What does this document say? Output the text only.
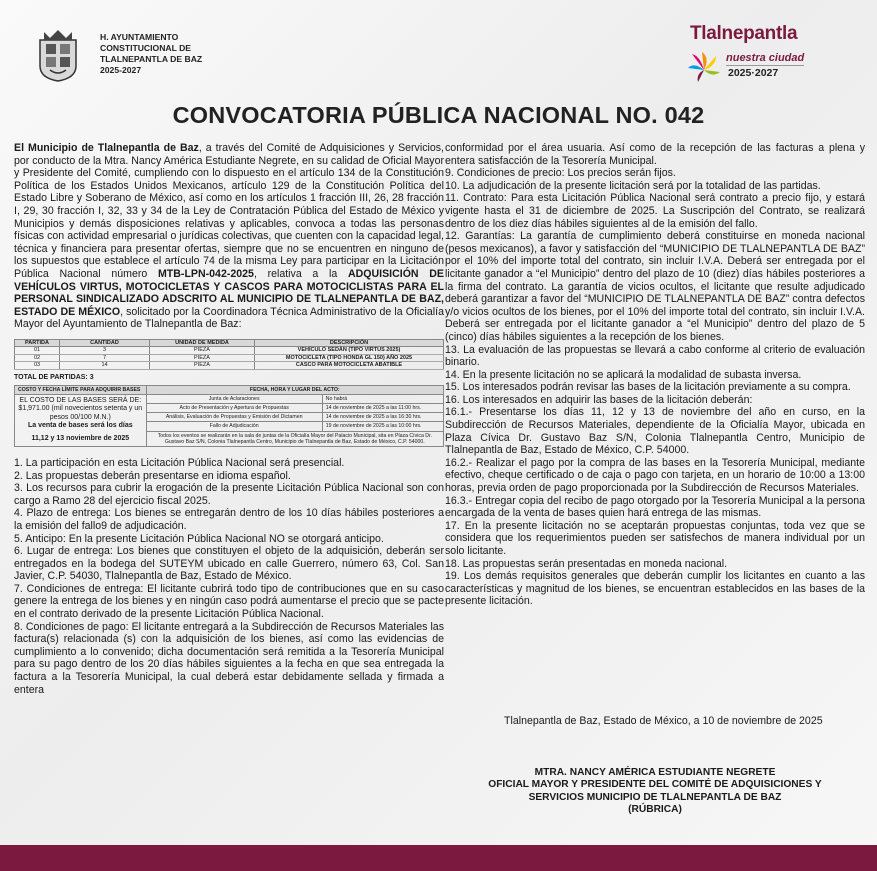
H. AYUNTAMIENTO
CONSTITUCIONAL DE
TLALNEPANTLA DE BAZ
2025-2027
Tlalnepantla
nuestra ciudad
2025·2027
CONVOCATORIA PÚBLICA NACIONAL NO. 042

El Municipio de Tlalnepantla de Baz, a través del Comité de Adquisiciones y Servicios, por conducto de la Mtra. Nancy América Estudiante Negrete, en su calidad de Oficial Mayor y Presidente del Comité, cumpliendo con lo dispuesto en el artículo 134 de la Constitución Política de los Estados Unidos Mexicanos, artículo 129 de la Constitución Política del Estado Libre y Soberano de México, así como en los artículos 1 fracción III, 26, 28 fracción I, 29, 30 fracción I, 32, 33 y 34 de la Ley de Contratación Pública del Estado de México y Municipios y demás disposiciones relativas y aplicables, convoca a todas las personas físicas con actividad empresarial o jurídicas colectivas, que cuenten con la capacidad legal, técnica y financiera para presentar ofertas, siempre que no se encuentren en ninguno de los supuestos que establece el artículo 74 de la misma Ley para participar en la Licitación Pública Nacional número MTB-LPN-042-2025, relativa a la ADQUISICIÓN DE VEHÍCULOS VIRTUS, MOTOCICLETAS Y CASCOS PARA MOTOCICLISTAS PARA EL PERSONAL SINDICALIZADO ADSCRITO AL MUNICIPIO DE TLALNEPANTLA DE BAZ, ESTADO DE MÉXICO, solicitado por la Coordinadora Técnica Administrativo de la Oficialía Mayor del Ayuntamiento de Tlalnepantla de Baz:

PARTIDA	CANTIDAD	UNIDAD DE MEDIDA	DESCRIPCIÓN
01	3	PIEZA	VEHÍCULO SEDÁN (TIPO VIRTUS 2025)
02	7	PIEZA	MOTOCICLETA (TIPO HONDA GL 150) AÑO 2025
03	14	PIEZA	CASCO PARA MOTOCICLETA ABATIBLE
TOTAL DE PARTIDAS: 3
COSTO Y FECHA LÍMITE PARA ADQUIRIR BASES	FECHA, HORA Y LUGAR DEL ACTO:	

EL COSTO DE LAS BASES SERÁ DE: $1,971.00 (mil novecientos setenta y un pesos 00/100 M.N.)
La venta de bases será los días
11,12 y 13 noviembre de 2025	Junta de Aclaraciones	No habrá
	Acto de Presentación y Apertura de Propuestas	14 de noviembre de 2025 a las 11:00 hrs.
	Análisis, Evaluación de Propuestas y Emisión del Dictamen	14 de noviembre de 2025 a las 16:30 hrs.
	Fallo de Adjudicación	19 de noviembre de 2025 a las 10:00 hrs.
	Todos los eventos se realizarán en la sala de juntas de la Oficialía Mayor del Palacio Municipal, sita en Plaza Cívica Dr. Gustavo Baz S/N, Colonia Tlalnepantla Centro, Municipio de Tlalnepantla de Baz, Estado de México, C.P. 54000.	

1. La participación en esta Licitación Pública Nacional será presencial.

2. Las propuestas deberán presentarse en idioma español.

3. Los recursos para cubrir la erogación de la presente Licitación Pública Nacional son con cargo a Ramo 28 del ejercicio fiscal 2025.

4. Plazo de entrega: Los bienes se entregarán dentro de los 10 días hábiles posteriores a la emisión del fallo9 de adjudicación.

5. Anticipo: En la presente Licitación Pública Nacional NO se otorgará anticipo.

6. Lugar de entrega: Los bienes que constituyen el objeto de la adquisición, deberán ser entregados en la bodega del SUTEYM ubicado en calle Guerrero, número 63, Col. San Javier, C.P. 54030, Tlalnepantla de Baz, Estado de México.

7. Condiciones de entrega: El licitante cubrirá todo tipo de contribuciones que en su caso genere la entrega de los bienes y en ningún caso podrá aumentarse el precio que se pacte en el contrato derivado de la presente Licitación Pública Nacional.

8. Condiciones de pago: El licitante entregará a la Subdirección de Recursos Materiales las factura(s) relacionada (s) con la adquisición de los bienes, así como las evidencias de cumplimiento a lo convenido; dicha documentación será remitida a la Tesorería Municipal para su pago dentro de los 20 días hábiles siguientes a la fecha en que sea entregada la factura a la Tesorería Municipal, la cual deberá estar debidamente sellada y firmada a entera

conformidad por el área usuaria. Así como de la recepción de las facturas a plena y entera satisfacción de la Tesorería Municipal.

9. Condiciones de precio: Los precios serán fijos.

10. La adjudicación de la presente licitación será por la totalidad de las partidas.

11. Contrato: Para esta Licitación Pública Nacional será contrato a precio fijo, y estará vigente hasta el 31 de diciembre de 2025. La Suscripción del Contrato, se realizará dentro de los diez días hábiles siguientes al de la emisión del fallo.

12. Garantías: La garantía de cumplimiento deberá constituirse en moneda nacional (pesos mexicanos), a favor y satisfacción del “MUNICIPIO DE TLALNEPANTLA DE BAZ” por el 10% del importe total del contrato, sin incluir I.V.A. Deberá ser entregada por el licitante ganador a “el Municipio” dentro del plazo de 10 (diez) días hábiles posteriores a la firma del contrato. La garantía de vicios ocultos, el licitante que resulte adjudicado deberá garantizar a favor del “MUNICIPIO DE TLALNEPANTLA DE BAZ” contra defectos y/o vicios ocultos de los bienes, por el 10% del importe total del contrato, sin incluir I.V.A. Deberá ser entregada por el licitante ganador a “el Municipio” dentro del plazo de 5 (cinco) días hábiles siguientes a la recepción de los bienes.

13. La evaluación de las propuestas se llevará a cabo conforme al criterio de evaluación binario.

14. En la presente licitación no se aplicará la modalidad de subasta inversa.

15. Los interesados podrán revisar las bases de la licitación previamente a su compra.

16. Los interesados en adquirir las bases de la licitación deberán:

16.1.- Presentarse los días 11, 12 y 13 de noviembre del año en curso, en la Subdirección de Recursos Materiales, dependiente de la Oficialía Mayor, ubicada en Plaza Cívica Dr. Gustavo Baz S/N, Colonia Tlalnepantla Centro, Municipio de Tlalnepantla de Baz, Estado de México, C.P. 54000.

16.2.- Realizar el pago por la compra de las bases en la Tesorería Municipal, mediante efectivo, cheque certificado o de caja o pago con tarjeta, en un horario de 10:00 a 13:00 horas, previa orden de pago proporcionada por la Subdirección de Recursos Materiales.

16.3.- Entregar copia del recibo de pago otorgado por la Tesorería Municipal a la persona encargada de la venta de bases quien hará entrega de las mismas.

17. En la presente licitación no se aceptarán propuestas conjuntas, toda vez que se considera que los requerimientos pueden ser satisfechos de manera individual por un solo licitante.

18. Las propuestas serán presentadas en moneda nacional.

19. Los demás requisitos generales que deberán cumplir los licitantes en cuanto a las características y magnitud de los bienes, se encuentran establecidos en las bases de la presente licitación.

Tlalnepantla de Baz, Estado de México, a 10 de noviembre de 2025
MTRA. NANCY AMÉRICA ESTUDIANTE NEGRETE
OFICIAL MAYOR Y PRESIDENTE DEL COMITÉ DE ADQUISICIONES Y
SERVICIOS MUNICIPIO DE TLALNEPANTLA DE BAZ
(RÚBRICA)
